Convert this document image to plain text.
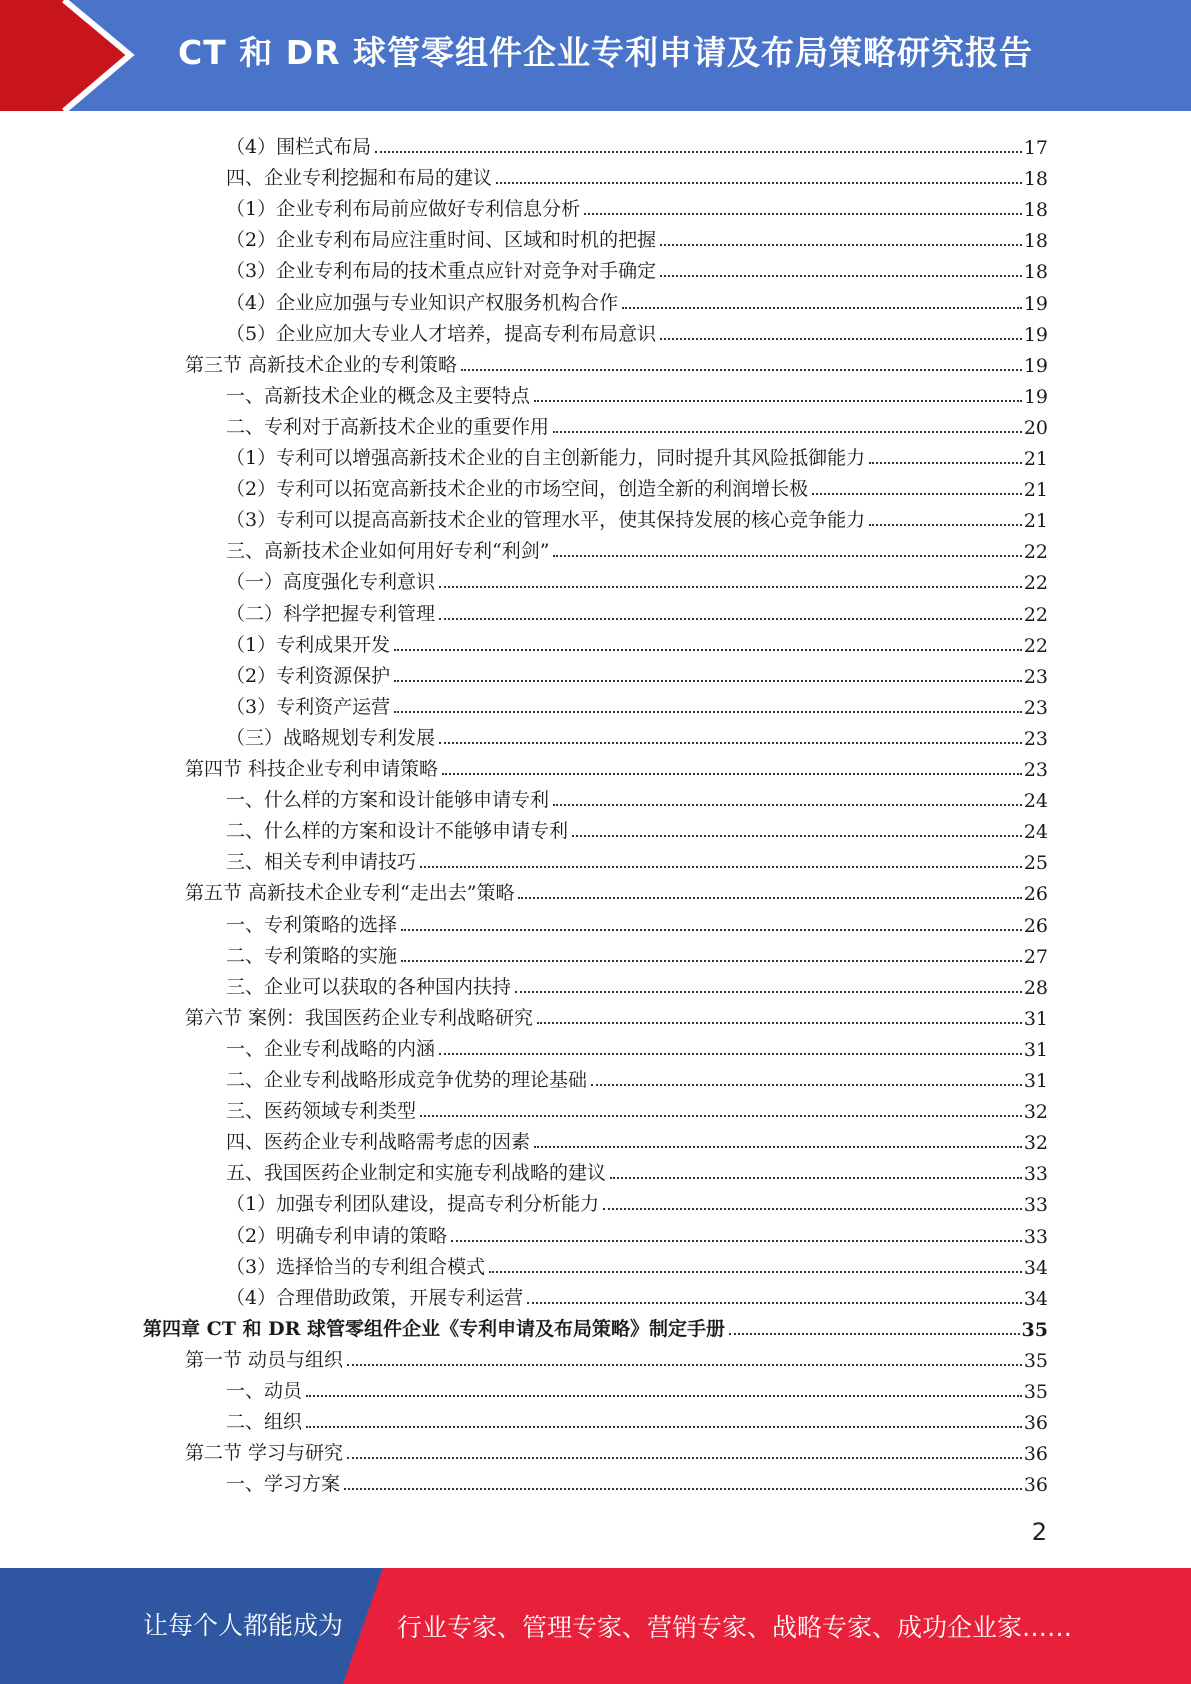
CT 和 DR 球管零组件企业专利申请及布局策略研究报告
（4）围栏式布局	17
四、企业专利挖掘和布局的建议	18
（1）企业专利布局前应做好专利信息分析	18
（2）企业专利布局应注重时间、区域和时机的把握	18
（3）企业专利布局的技术重点应针对竞争对手确定	18
（4）企业应加强与专业知识产权服务机构合作	19
（5）企业应加大专业人才培养，提高专利布局意识	19
第三节 高新技术企业的专利策略	19
一、高新技术企业的概念及主要特点	19
二、专利对于高新技术企业的重要作用	20
（1）专利可以增强高新技术企业的自主创新能力，同时提升其风险抵御能力	21
（2）专利可以拓宽高新技术企业的市场空间，创造全新的利润增长极	21
（3）专利可以提高高新技术企业的管理水平，使其保持发展的核心竞争能力	21
三、高新技术企业如何用好专利“利剑”	22
（一）高度强化专利意识	22
（二）科学把握专利管理	22
（1）专利成果开发	22
（2）专利资源保护	23
（3）专利资产运营	23
（三）战略规划专利发展	23
第四节 科技企业专利申请策略	23
一、什么样的方案和设计能够申请专利	24
二、什么样的方案和设计不能够申请专利	24
三、相关专利申请技巧	25
第五节 高新技术企业专利“走出去”策略	26
一、专利策略的选择	26
二、专利策略的实施	27
三、企业可以获取的各种国内扶持	28
第六节 案例：我国医药企业专利战略研究	31
一、企业专利战略的内涵	31
二、企业专利战略形成竞争优势的理论基础	31
三、医药领域专利类型	32
四、医药企业专利战略需考虑的因素	32
五、我国医药企业制定和实施专利战略的建议	33
（1）加强专利团队建设，提高专利分析能力	33
（2）明确专利申请的策略	33
（3）选择恰当的专利组合模式	34
（4）合理借助政策，开展专利运营	34
第四章 CT 和 DR 球管零组件企业《专利申请及布局策略》制定手册	35
第一节 动员与组织	35
一、动员	35
二、组织	36
第二节 学习与研究	36
一、学习方案	36
2
让每个人都能成为 行业专家、管理专家、营销专家、战略专家、成功企业家……
